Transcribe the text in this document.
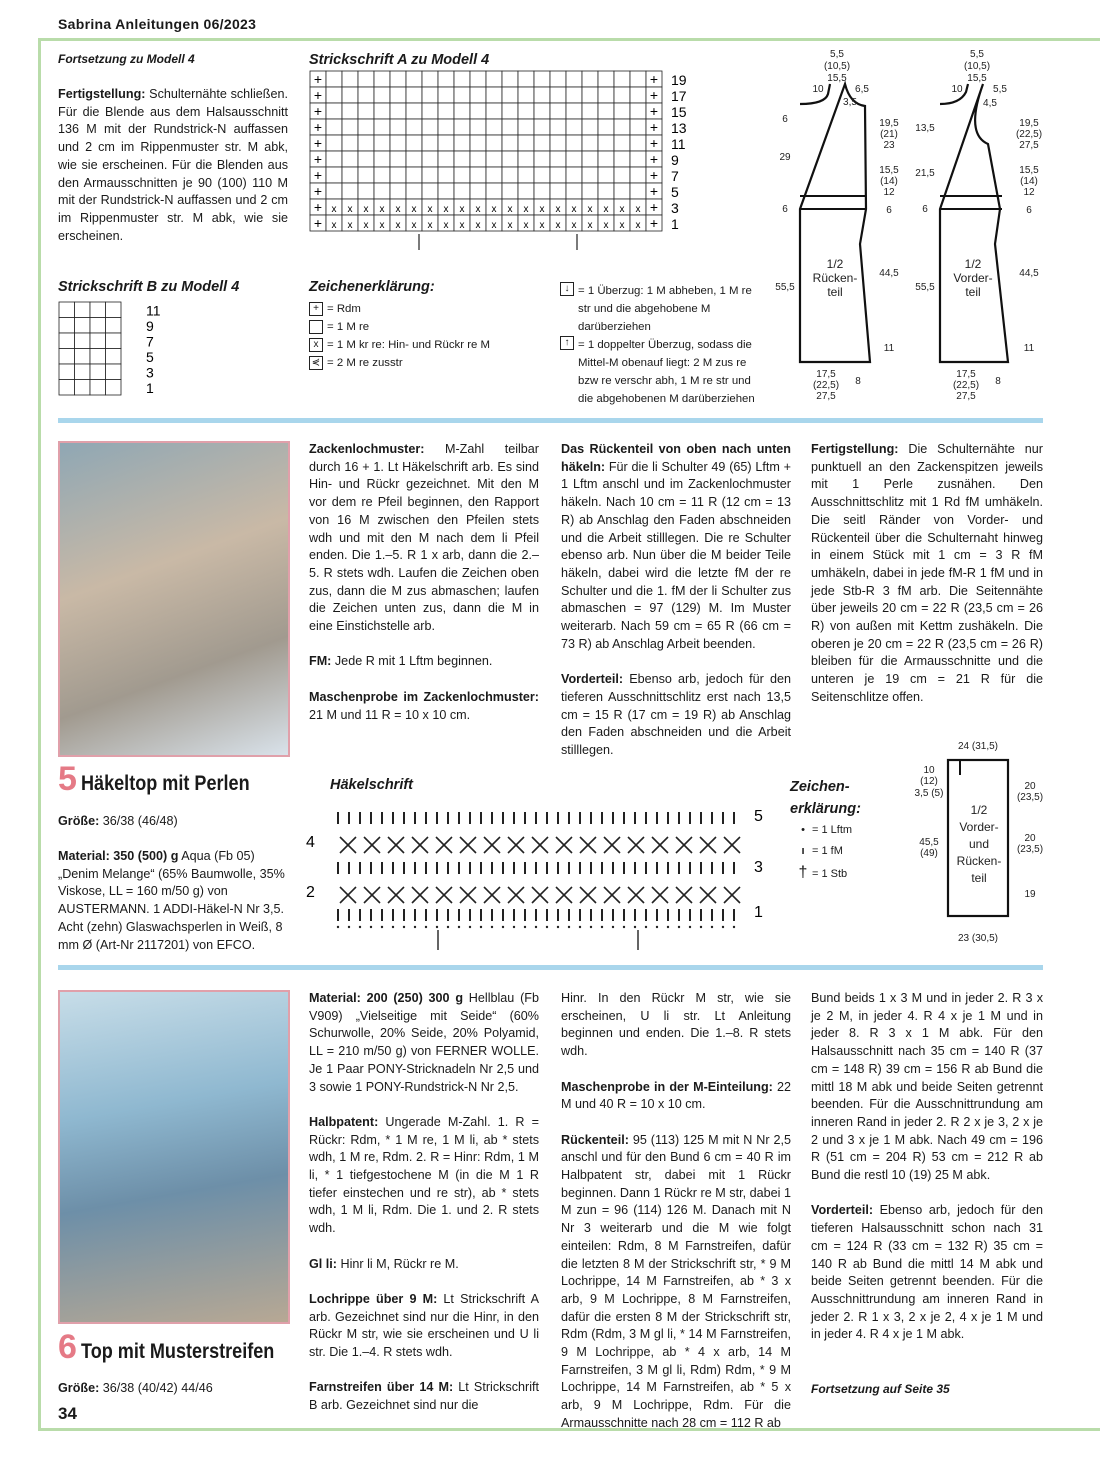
Sabrina Anleitungen 06/2023
34
Fortsetzung zu Modell 4
Fertigstellung: Schulternähte schließen. Für die Blende aus dem Halsausschnitt 136 M mit der Rundstrick-N auffassen und 2 cm im Rippenmuster str. M abk, wie sie erscheinen. Für die Blenden aus den Armausschnitten je 90 (100) 110 M mit der Rundstrick-N auffassen und 2 cm im Rippenmuster str. M abk, wie sie erscheinen.
Strickschrift A zu Modell 4
+	+ 19
+	+ 17
+	+ 15
+	+ 13
+	+ 11
+	+ 9
+	+ 7
+	+ 5
+ x x x x x x x x x x x x x x x x x x x x + 3
+ x x x x x x x x x x x x x x x x x x x x + 1
Strickschrift B zu Modell 4
11
9
7
5
3
1
Zeichenerklärung:
+ = Rdm
= 1 M re
x = 1 M kr re: Hin- und Rückr re M
⋞ = 2 M re zusstr
↓ = 1 Überzug: 1 M abheben, 1 M re str und die abgehobene M darüberziehen
↑ = 1 doppelter Überzug, sodass die Mittel-M obenauf liegt: 2 M zus re bzw re verschr abh, 1 M re str und die abgehobenen M darüberziehen
5,5
(10,5)
15,5
10	6,5
3,5
6
29
6
55,5
19,5
(21)
23
15,5
(14)
12
6
44,5
11
1/2
Rücken-
teil
17,5
(22,5)
27,5
8
5,5
(10,5)
15,5
10	5,5
4,5
13,5
21,5
6
55,5
19,5
(22,5)
27,5
15,5
(14)
12
6
44,5
11
1/2
Vorder-
teil
17,5
(22,5)
27,5
8
5 Häkeltop mit Perlen
Größe: 36/38 (46/48)
Material: 350 (500) g Aqua (Fb 05) „Denim Melange“ (65% Baumwolle, 35% Viskose, LL = 160 m/50 g) von AUSTERMANN. 1 ADDI-Häkel-N Nr 3,5. Acht (zehn) Glaswachsperlen in Weiß, 8 mm Ø (Art-Nr 2117201) von EFCO.

Zackenlochmuster: M-Zahl teilbar durch 16 + 1. Lt Häkelschrift arb. Es sind Hin- und Rückr gezeichnet. Mit den M vor dem re Pfeil beginnen, den Rapport von 16 M zwischen den Pfeilen stets wdh und mit den M nach dem li Pfeil enden. Die 1.–5. R 1 x arb, dann die 2.–5. R stets wdh. Laufen die Zeichen oben zus, dann die M zus abmaschen; laufen die Zeichen unten zus, dann die M in eine Einstichstelle arb.

FM: Jede R mit 1 Lftm beginnen.

Maschenprobe im Zackenlochmuster: 21 M und 11 R = 10 x 10 cm.

Das Rückenteil von oben nach unten häkeln: Für die li Schulter 49 (65) Lftm + 1 Lftm anschl und im Zackenlochmuster häkeln. Nach 10 cm = 11 R (12 cm = 13 R) ab Anschlag den Faden abschneiden und die Arbeit stilllegen. Die re Schulter ebenso arb. Nun über die M beider Teile häkeln, dabei wird die letzte fM der re Schulter und die 1. fM der li Schulter zus abmaschen = 97 (129) M. Im Muster weiterarb. Nach 59 cm = 65 R (66 cm = 73 R) ab Anschlag Arbeit beenden.

Vorderteil: Ebenso arb, jedoch für den tieferen Ausschnittschlitz erst nach 13,5 cm = 15 R (17 cm = 19 R) ab Anschlag den Faden abschneiden und die Arbeit stilllegen.

Fertigstellung: Die Schulternähte nur punktuell an den Zackenspitzen jeweils mit 1 Perle zusnähen. Den Ausschnittschlitz mit 1 Rd fM umhäkeln. Die seitl Ränder von Vorder- und Rückenteil über die Schulternaht hinweg in einem Stück mit 1 cm = 3 R fM umhäkeln, dabei in jede fM-R 1 fM und in jede Stb-R 3 fM arb. Die Seitennähte über jeweils 20 cm = 22 R (23,5 cm = 26 R) von außen mit Kettm zushäkeln. Die oberen je 20 cm = 22 R (23,5 cm = 26 R) bleiben für die Armausschnitte und die unteren je 19 cm = 21 R für die Seitenschlitze offen.

Häkelschrift
5
3
1
4
2
Zeichen-
erklärung:
• = 1 Lftm
ı = 1 fM
† = 1 Stb
24 (31,5)
10
(12)
3,5 (5)
45,5
(49)
20
(23,5)
20
(23,5)
19
23 (30,5)
1/2
Vorder-
und
Rücken-
teil
6 Top mit Musterstreifen
Größe: 36/38 (40/42) 44/46

Material: 200 (250) 300 g Hellblau (Fb V909) „Vielseitige mit Seide“ (60% Schurwolle, 20% Seide, 20% Polyamid, LL = 210 m/50 g) von FERNER WOLLE. Je 1 Paar PONY-Stricknadeln Nr 2,5 und 3 sowie 1 PONY-Rundstrick-N Nr 2,5.

Halbpatent: Ungerade M-Zahl. 1. R = Rückr: Rdm, * 1 M re, 1 M li, ab * stets wdh, 1 M re, Rdm. 2. R = Hinr: Rdm, 1 M li, * 1 tiefgestochene M (in die M 1 R tiefer einstechen und re str), ab * stets wdh, 1 M li, Rdm. Die 1. und 2. R stets wdh.

Gl li: Hinr li M, Rückr re M.

Lochrippe über 9 M: Lt Strickschrift A arb. Gezeichnet sind nur die Hinr, in den Rückr M str, wie sie erscheinen und U li str. Die 1.–4. R stets wdh.

Farnstreifen über 14 M: Lt Strickschrift B arb. Gezeichnet sind nur die

Hinr. In den Rückr M str, wie sie erscheinen, U li str. Lt Anleitung beginnen und enden. Die 1.–8. R stets wdh.

Maschenprobe in der M-Einteilung: 22 M und 40 R = 10 x 10 cm.

Rückenteil: 95 (113) 125 M mit N Nr 2,5 anschl und für den Bund 6 cm = 40 R im Halbpatent str, dabei mit 1 Rückr beginnen. Dann 1 Rückr re M str, dabei 1 M zun = 96 (114) 126 M. Danach mit N Nr 3 weiterarb und die M wie folgt einteilen: Rdm, 8 M Farnstreifen, dafür die letzten 8 M der Strickschrift str, * 9 M Lochrippe, 14 M Farnstreifen, ab * 3 x arb, 9 M Lochrippe, 8 M Farnstreifen, dafür die ersten 8 M der Strickschrift str, Rdm (Rdm, 3 M gl li, * 14 M Farnstreifen, 9 M Lochrippe, ab * 4 x arb, 14 M Farnstreifen, 3 M gl li, Rdm) Rdm, * 9 M Lochrippe, 14 M Farnstreifen, ab * 5 x arb, 9 M Lochrippe, Rdm. Für die Armausschnitte nach 28 cm = 112 R ab

Bund beids 1 x 3 M und in jeder 2. R 3 x je 2 M, in jeder 4. R 4 x je 1 M und in jeder 8. R 3 x 1 M abk. Für den Halsausschnitt nach 35 cm = 140 R (37 cm = 148 R) 39 cm = 156 R ab Bund die mittl 18 M abk und beide Seiten getrennt beenden. Für die Ausschnittrundung am inneren Rand in jeder 2. R 2 x je 3, 2 x je 2 und 3 x je 1 M abk. Nach 49 cm = 196 R (51 cm = 204 R) 53 cm = 212 R ab Bund die restl 10 (19) 25 M abk.

Vorderteil: Ebenso arb, jedoch für den tieferen Halsausschnitt schon nach 31 cm = 124 R (33 cm = 132 R) 35 cm = 140 R ab Bund die mittl 14 M abk und beide Seiten getrennt beenden. Für die Ausschnittrundung am inneren Rand in jeder 2. R 1 x 3, 2 x je 2, 4 x je 1 M und in jeder 4. R 4 x je 1 M abk.

Fortsetzung auf Seite 35
